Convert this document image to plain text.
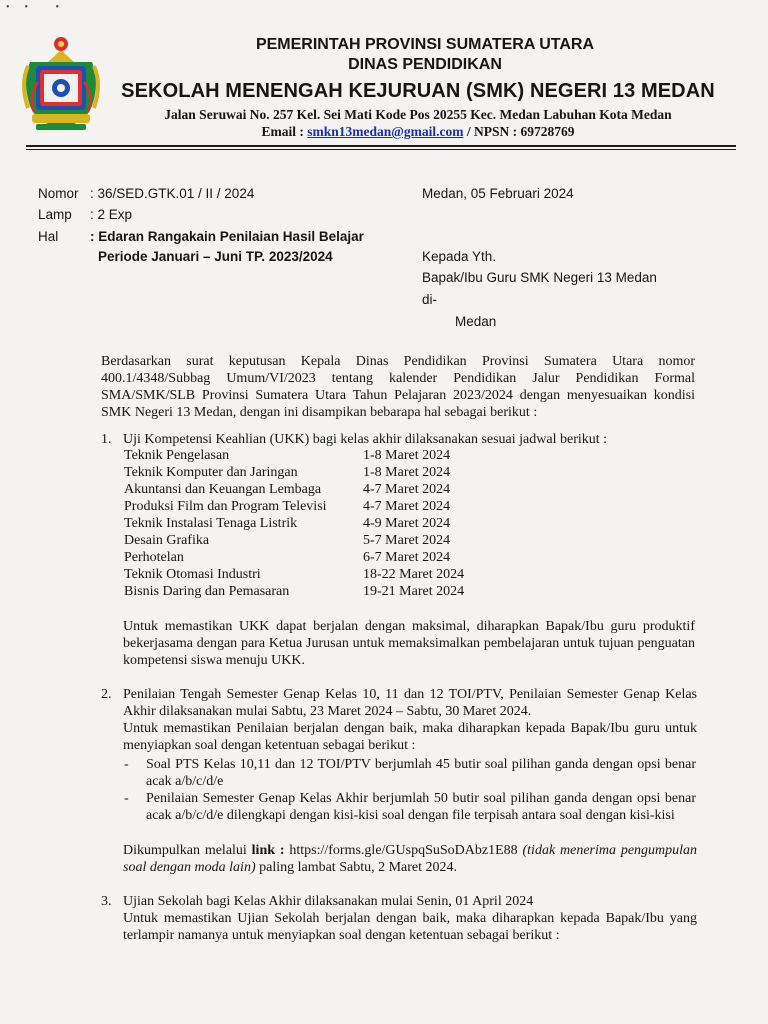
•      •           •
PEMERINTAH PROVINSI SUMATERA UTARA
DINAS PENDIDIKAN
SEKOLAH MENENGAH KEJURUAN (SMK) NEGERI 13 MEDAN
Jalan Seruwai No. 257 Kel. Sei Mati Kode Pos 20255 Kec. Medan Labuhan Kota Medan
Email : smkn13medan@gmail.com / NPSN : 69728769
Nomor : 36/SED.GTK.01 / II / 2024
Lamp : 2 Exp
Hal : Edaran Rangakain Penilaian Hasil Belajar
Periode Januari – Juni TP. 2023/2024
Medan, 05 Februari 2024
Kepada Yth.
Bapak/Ibu Guru SMK Negeri 13 Medan
di-
Medan
Berdasarkan surat keputusan Kepala Dinas Pendidikan Provinsi Sumatera Utara nomor 400.1/4348/Subbag Umum/VI/2023 tentang kalender Pendidikan Jalur Pendidikan Formal SMA/SMK/SLB Provinsi Sumatera Utara Tahun Pelajaran 2023/2024 dengan menyesuaikan kondisi SMK Negeri 13 Medan, dengan ini disampikan bebarapa hal sebagai berikut :
1. Uji Kompetensi Keahlian (UKK) bagi kelas akhir dilaksanakan sesuai jadwal berikut :
Teknik Pengelasan	1-8 Maret 2024
Teknik Komputer dan Jaringan	1-8 Maret 2024
Akuntansi dan Keuangan Lembaga	4-7 Maret 2024
Produksi Film dan Program Televisi	4-7 Maret 2024
Teknik Instalasi Tenaga Listrik	4-9 Maret 2024
Desain Grafika	5-7 Maret 2024
Perhotelan	6-7 Maret 2024
Teknik Otomasi Industri	18-22 Maret 2024
Bisnis Daring dan Pemasaran	19-21 Maret 2024
Untuk memastikan UKK dapat berjalan dengan maksimal, diharapkan Bapak/Ibu guru produktif bekerjasama dengan para Ketua Jurusan untuk memaksimalkan pembelajaran untuk tujuan penguatan kompetensi siswa menuju UKK.
2. Penilaian Tengah Semester Genap Kelas 10, 11 dan 12 TOI/PTV, Penilaian Semester Genap Kelas Akhir dilaksanakan mulai Sabtu, 23 Maret 2024 – Sabtu, 30 Maret 2024.
Untuk memastikan Penilaian berjalan dengan baik, maka diharapkan kepada Bapak/Ibu guru untuk menyiapkan soal dengan ketentuan sebagai berikut :
- Soal PTS Kelas 10,11 dan 12 TOI/PTV berjumlah 45 butir soal pilihan ganda dengan opsi benar acak a/b/c/d/e
- Penilaian Semester Genap Kelas Akhir berjumlah 50 butir soal pilihan ganda dengan opsi benar acak a/b/c/d/e dilengkapi dengan kisi-kisi soal dengan file terpisah antara soal dengan kisi-kisi
Dikumpulkan melalui link : https://forms.gle/GUspqSuSoDAbz1E88 (tidak menerima pengumpulan soal dengan moda lain) paling lambat Sabtu, 2 Maret 2024.
3. Ujian Sekolah bagi Kelas Akhir dilaksanakan mulai Senin, 01 April 2024
Untuk memastikan Ujian Sekolah berjalan dengan baik, maka diharapkan kepada Bapak/Ibu yang terlampir namanya untuk menyiapkan soal dengan ketentuan sebagai berikut :
